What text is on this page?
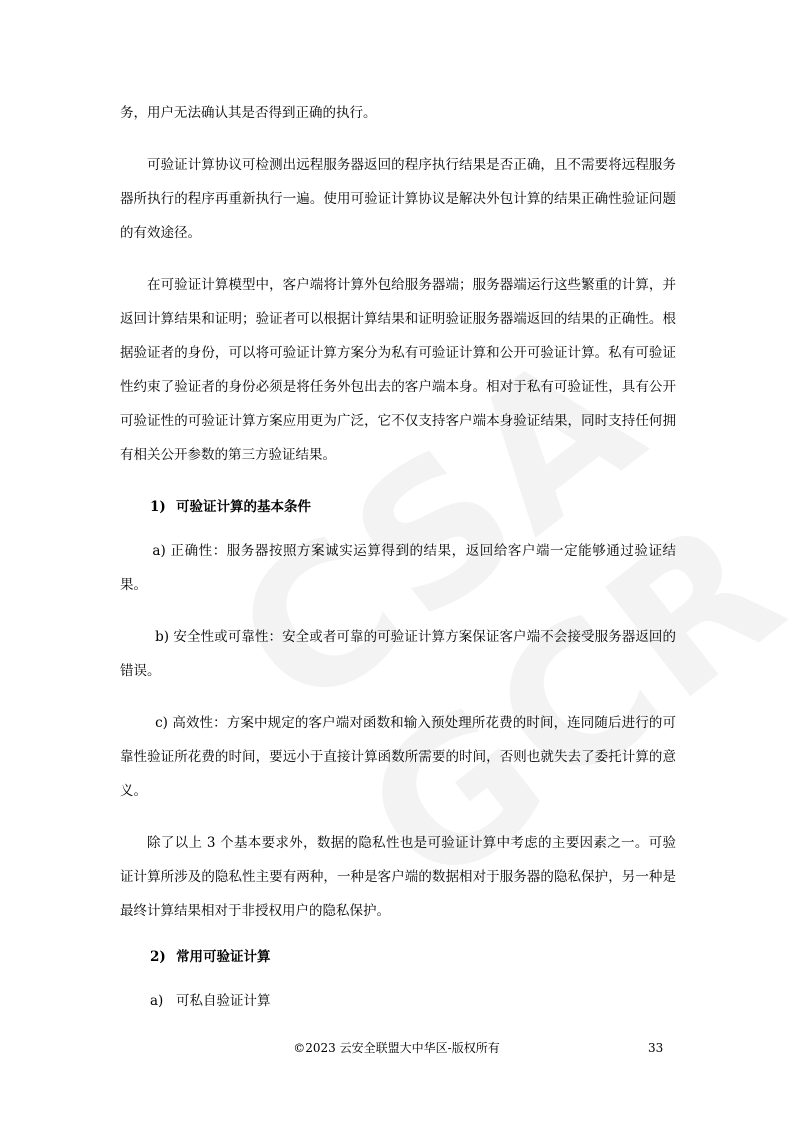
务，用户无法确认其是否得到正确的执行。

可验证计算协议可检测出远程服务器返回的程序执行结果是否正确，且不需要将远程服务器所执行的程序再重新执行一遍。使用可验证计算协议是解决外包计算的结果正确性验证问题的有效途径。

在可验证计算模型中，客户端将计算外包给服务器端；服务器端运行这些繁重的计算，并返回计算结果和证明；验证者可以根据计算结果和证明验证服务器端返回的结果的正确性。根据验证者的身份，可以将可验证计算方案分为私有可验证计算和公开可验证计算。私有可验证性约束了验证者的身份必须是将任务外包出去的客户端本身。相对于私有可验证性，具有公开可验证性的可验证计算方案应用更为广泛，它不仅支持客户端本身验证结果，同时支持任何拥有相关公开参数的第三方验证结果。

1) 可验证计算的基本条件

a) 正确性：服务器按照方案诚实运算得到的结果，返回给客户端一定能够通过验证结果。

b) 安全性或可靠性：安全或者可靠的可验证计算方案保证客户端不会接受服务器返回的错误。

c) 高效性：方案中规定的客户端对函数和输入预处理所花费的时间，连同随后进行的可靠性验证所花费的时间，要远小于直接计算函数所需要的时间，否则也就失去了委托计算的意义。

除了以上 3 个基本要求外，数据的隐私性也是可验证计算中考虑的主要因素之一。可验证计算所涉及的隐私性主要有两种，一种是客户端的数据相对于服务器的隐私保护，另一种是最终计算结果相对于非授权用户的隐私保护。

2) 常用可验证计算
a) 可私自验证计算
©2023 云安全联盟大中华区-版权所有	33
